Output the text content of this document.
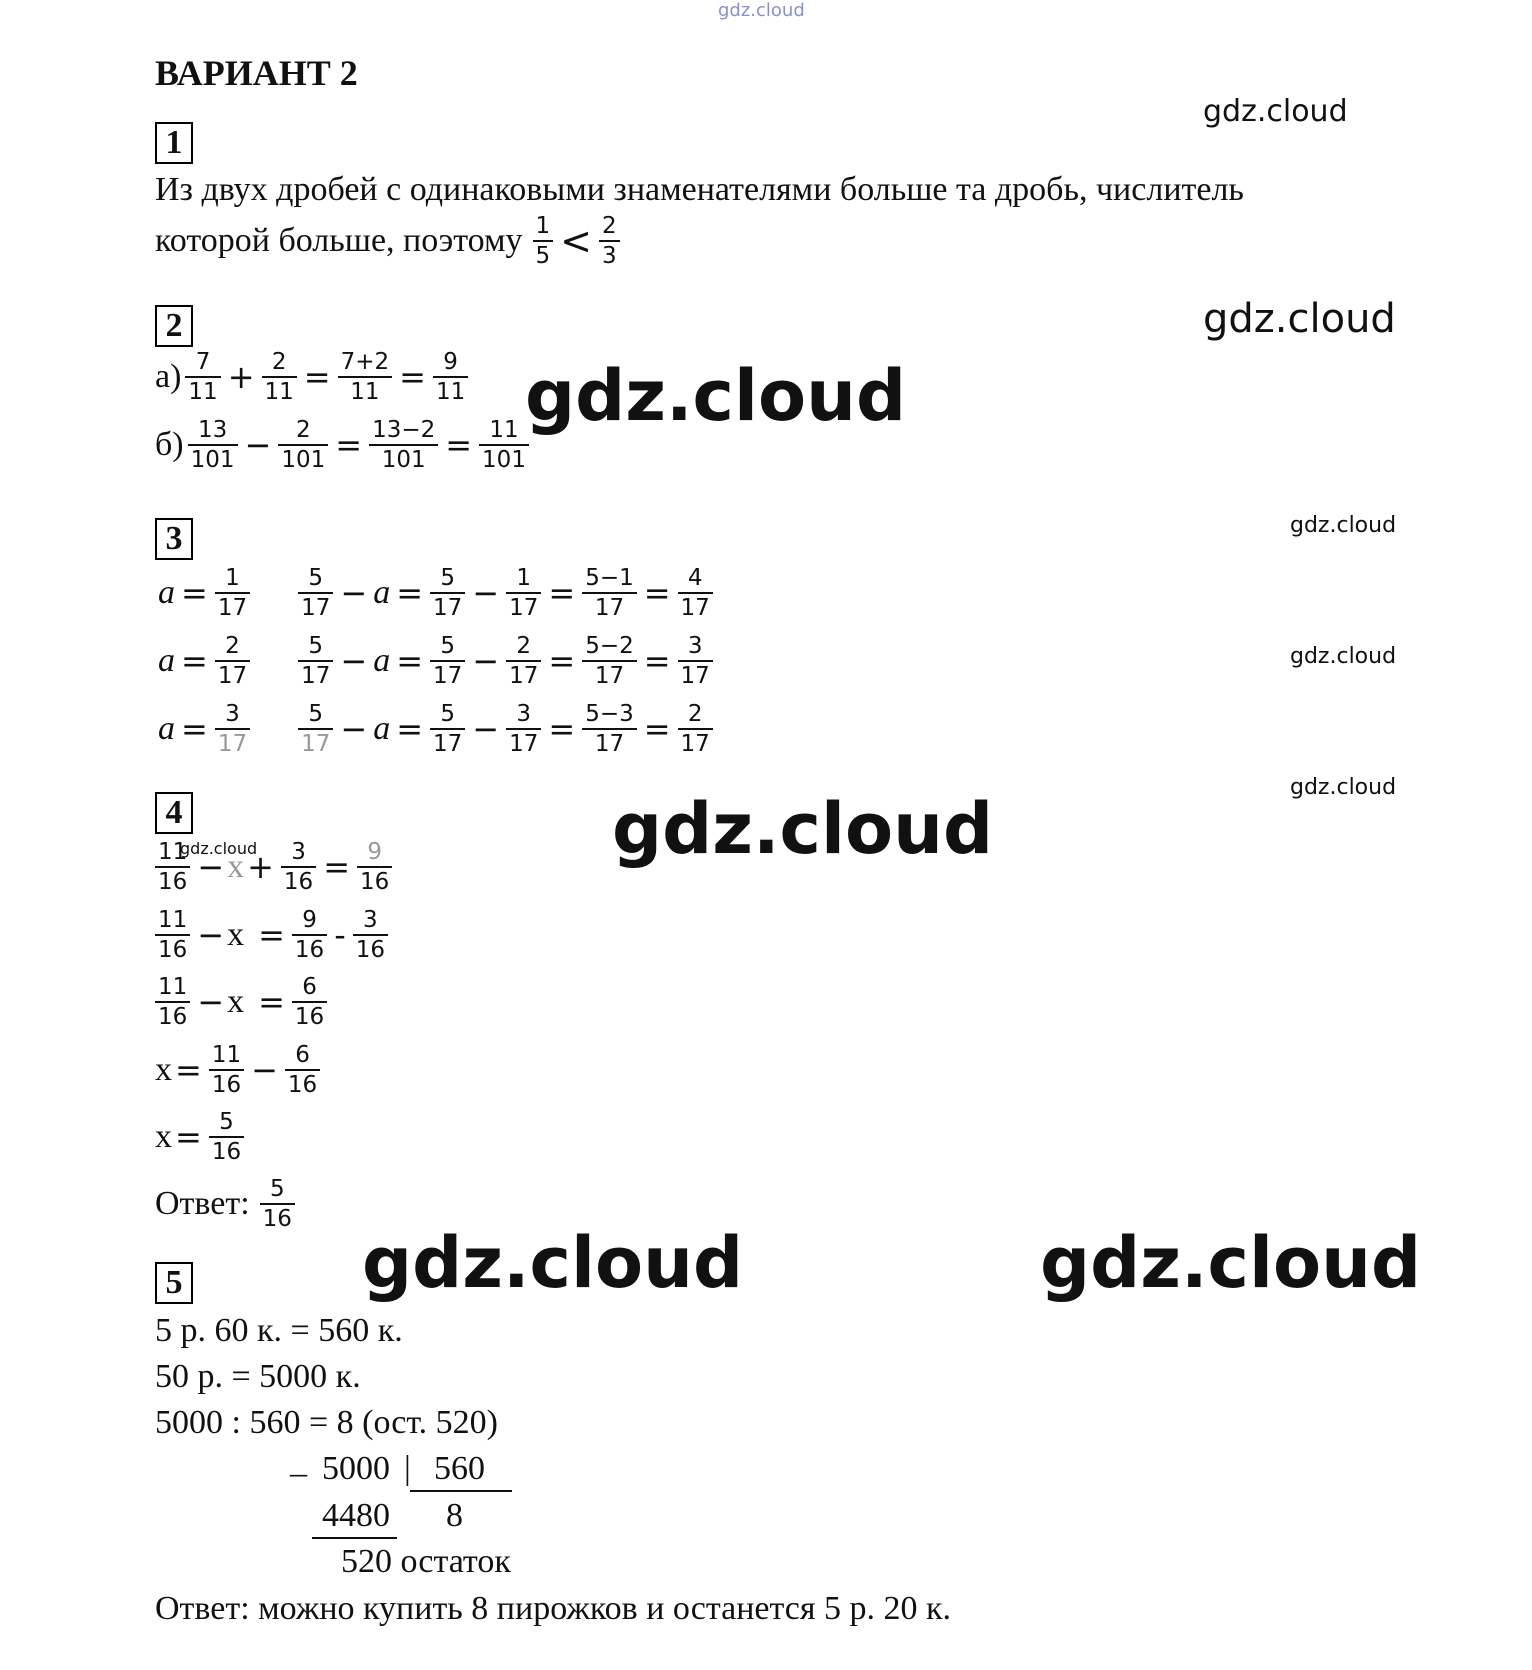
gdz.cloud
gdz.cloud
gdz.cloud
gdz.cloud
gdz.cloud
gdz.cloud
gdz.cloud
gdz.cloud
gdz.cloud
gdz.cloud	gdz.cloud
ВАРИАНТ 2
1
Из двух дробей с одинаковыми знаменателями больше та дробь, числитель
которой больше, поэтому $\frac{1}{5} < \frac{2}{3}$
2
$а) \frac{7}{11} + \frac{2}{11} = \frac{7+2}{11} = \frac{9}{11}$
$б) \frac{13}{101} - \frac{2}{101} = \frac{13-2}{101} = \frac{11}{101}$
3
$a = \frac{1}{17} \frac{5}{17} - a = \frac{5}{17} - \frac{1}{17} = \frac{5-1}{17} = \frac{4}{17}$
$a = \frac{2}{17} \frac{5}{17} - a = \frac{5}{17} - \frac{2}{17} = \frac{5-2}{17} = \frac{3}{17}$
$a = \frac{3}{17} \frac{5}{17} - a = \frac{5}{17} - \frac{3}{17} = \frac{5-3}{17} = \frac{2}{17}$
4
$\frac{11}{16} - x + \frac{3}{16} = \frac{9}{16}$
$\frac{11}{16} - x = \frac{9}{16} - \frac{3}{16}$
$\frac{11}{16} - x = \frac{6}{16}$
$x = \frac{11}{16} - \frac{6}{16}$
$x = \frac{5}{16}$
Ответ: $\frac{5}{16}$
5
5 р. 60 к. = 560 к.
50 р. = 5000 к.
5000 : 560 = 8 (ост. 520)
_ 5000 | 560
4480 8
520 остаток
Ответ: можно купить 8 пирожков и останется 5 р. 20 к.
